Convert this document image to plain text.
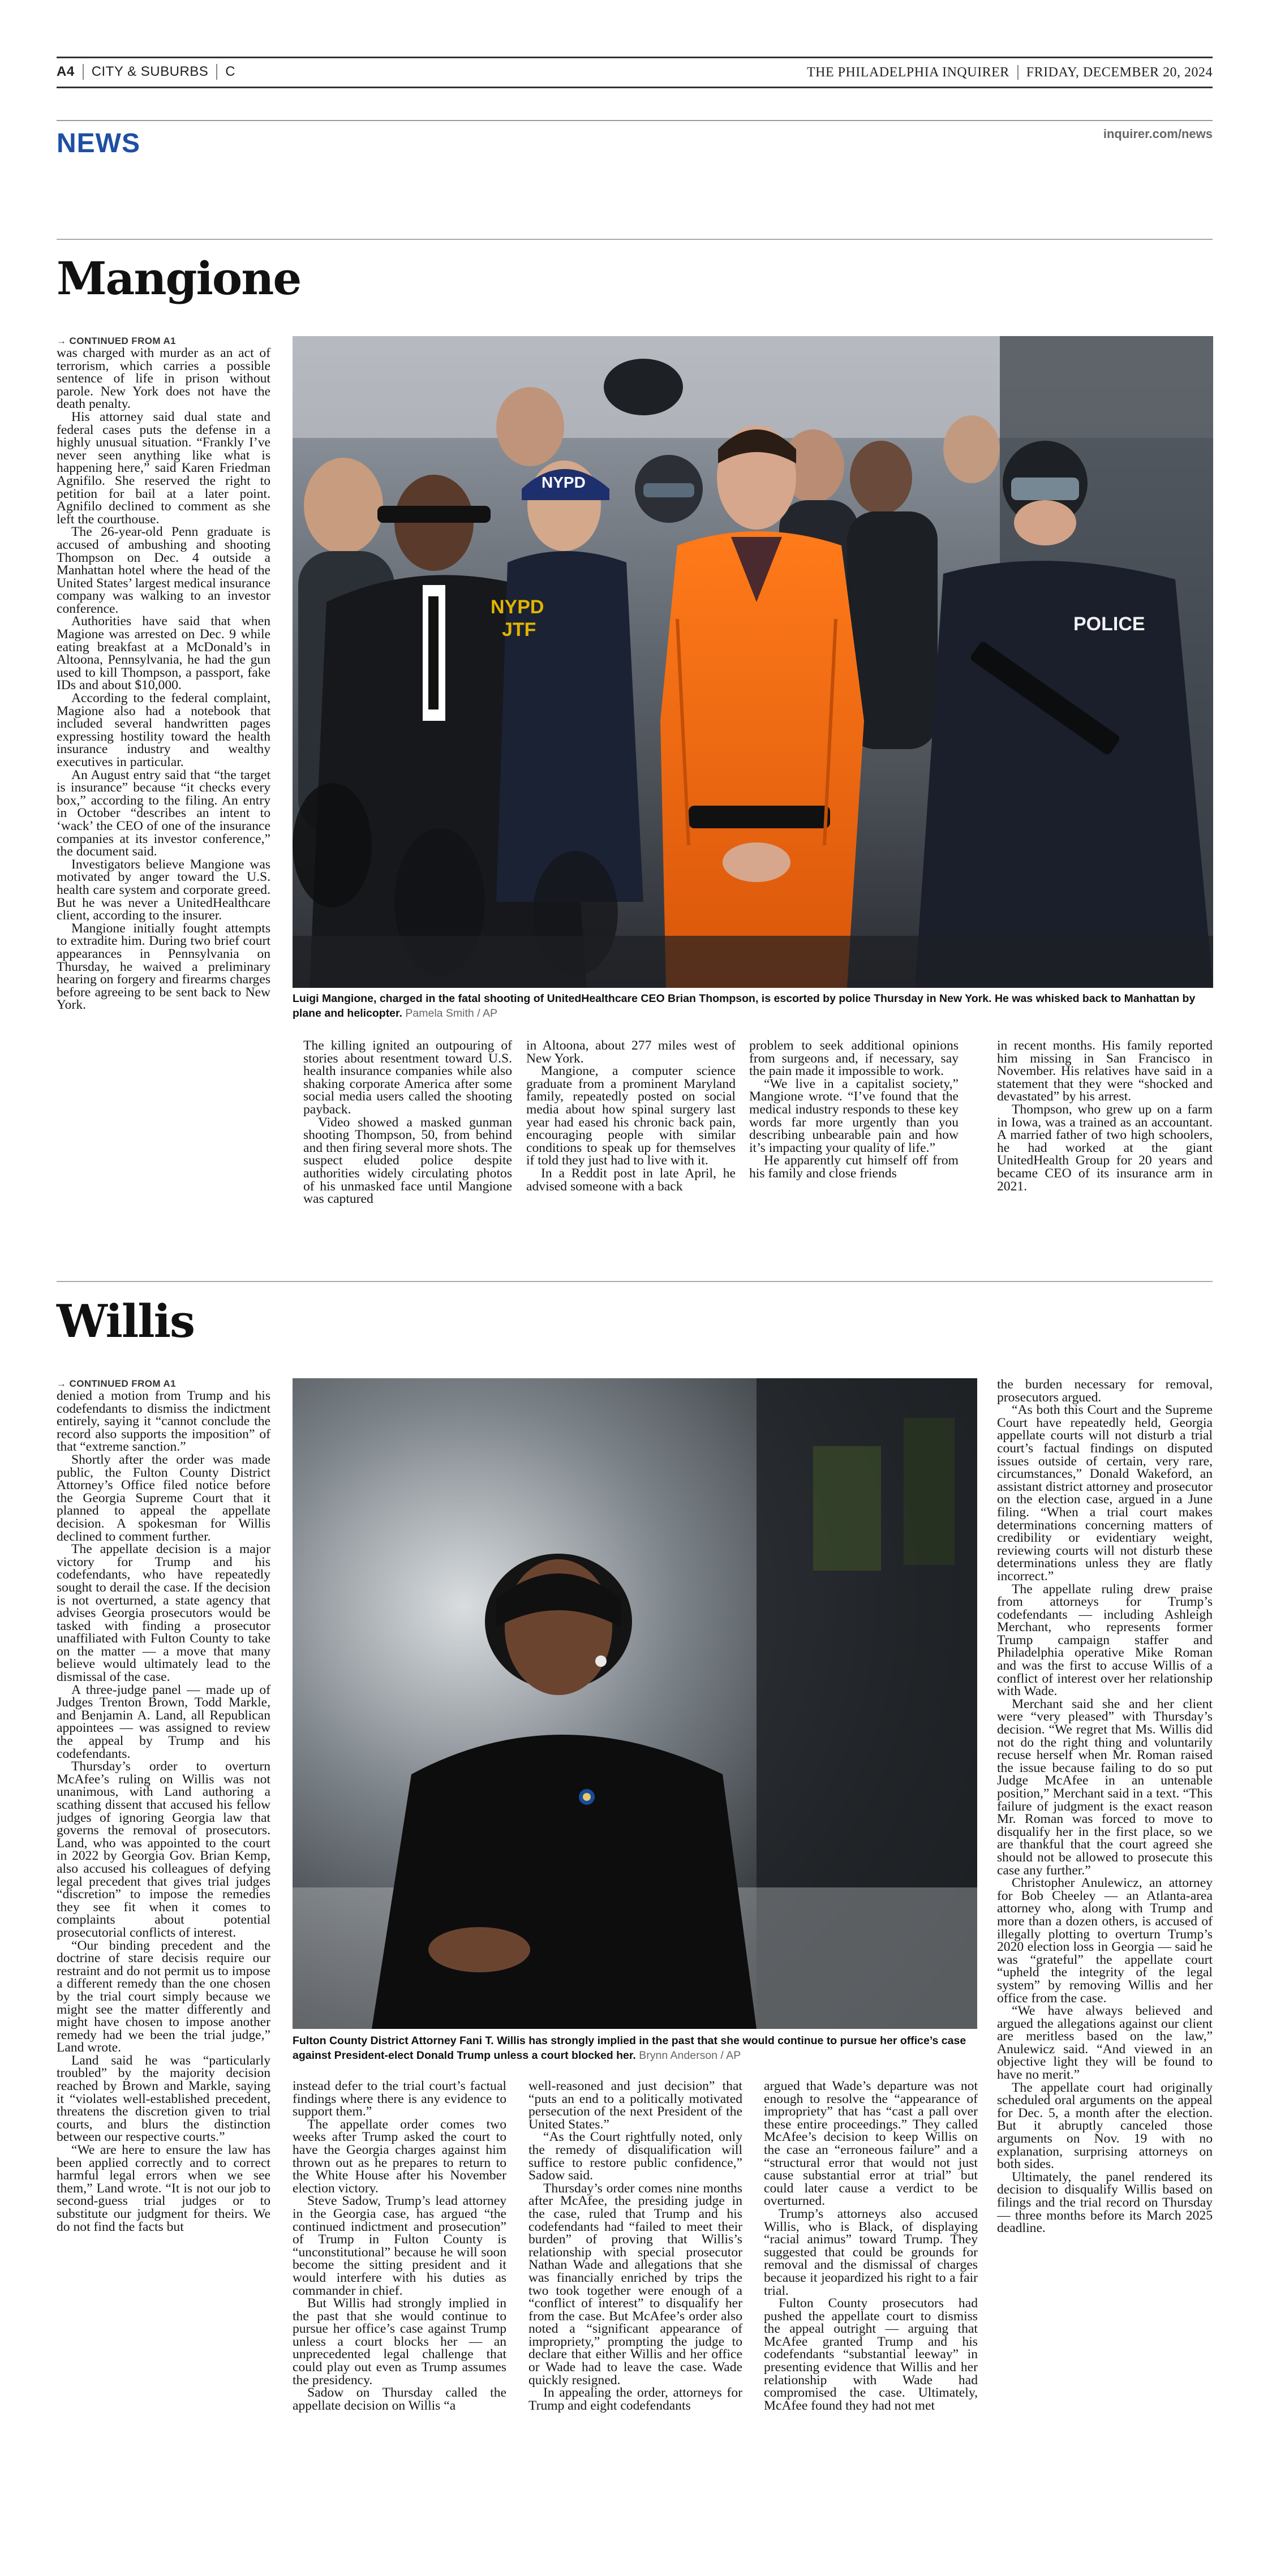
A4	CITY & SUBURBS	C	THE PHILADELPHIA INQUIRER FRIDAY, DECEMBER 20, 2024
NEWS	inquirer.com/news
Mangione
→ CONTINUED FROM A1

was charged with murder as an act of terrorism, which carries a possible sentence of life in prison without parole. New York does not have the death penalty.

His attorney said dual state and federal cases puts the defense in a highly unusual situation. “Frankly I’ve never seen anything like what is happening here,” said Karen Friedman Agnifilo. She reserved the right to petition for bail at a later point. Agnifilo declined to comment as she left the courthouse.

The 26-year-old Penn graduate is accused of ambushing and shooting Thompson on Dec. 4 outside a Manhattan hotel where the head of the United States’ largest medical insurance company was walking to an investor conference.

Authorities have said that when Magione was arrested on Dec. 9 while eating breakfast at a McDonald’s in Altoona, Pennsylvania, he had the gun used to kill Thompson, a passport, fake IDs and about $10,000.

According to the federal complaint, Magione also had a notebook that included several handwritten pages expressing hostility toward the health insurance industry and wealthy executives in particular.

An August entry said that “the target is insurance” because “it checks every box,” according to the filing. An entry in October “describes an intent to ‘wack’ the CEO of one of the insurance companies at its investor conference,” the document said.

Investigators believe Mangione was motivated by anger toward the U.S. health care system and corporate greed. But he was never a UnitedHealthcare client, according to the insurer.

Mangione initially fought attempts to extradite him. During two brief court appearances in Pennsylvania on Thursday, he waived a preliminary hearing on forgery and firearms charges before agreeing to be sent back to New York.

NYPD
NYPD
JTF	POLICE
Luigi Mangione, charged in the fatal shooting of UnitedHealthcare CEO Brian Thompson, is escorted by police Thursday in New York. He was whisked back to Manhattan by plane and helicopter. Pamela Smith / AP

The killing ignited an outpouring of stories about resentment toward U.S. health insurance companies while also shaking corporate America after some social media users called the shooting payback.

Video showed a masked gunman shooting Thompson, 50, from behind and then firing several more shots. The suspect eluded police despite authorities widely circulating photos of his unmasked face until Mangione was captured

in Altoona, about 277 miles west of New York.

Mangione, a computer science graduate from a prominent Maryland family, repeatedly posted on social media about how spinal surgery last year had eased his chronic back pain, encouraging people with similar conditions to speak up for themselves if told they just had to live with it.

In a Reddit post in late April, he advised someone with a back

problem to seek additional opinions from surgeons and, if necessary, say the pain made it impossible to work.

“We live in a capitalist society,” Mangione wrote. “I’ve found that the medical industry responds to these key words far more urgently than you describing unbearable pain and how it’s impacting your quality of life.”

He apparently cut himself off from his family and close friends

in recent months. His family reported him missing in San Francisco in November. His relatives have said in a statement that they were “shocked and devastated” by his arrest.

Thompson, who grew up on a farm in Iowa, was a trained as an accountant. A married father of two high schoolers, he had worked at the giant UnitedHealth Group for 20 years and became CEO of its insurance arm in 2021.

Willis
→ CONTINUED FROM A1

denied a motion from Trump and his codefendants to dismiss the indictment entirely, saying it “cannot conclude the record also supports the imposition” of that “extreme sanction.”

Shortly after the order was made public, the Fulton County District Attorney’s Office filed notice before the Georgia Supreme Court that it planned to appeal the appellate decision. A spokesman for Willis declined to comment further.

The appellate decision is a major victory for Trump and his codefendants, who have repeatedly sought to derail the case. If the decision is not overturned, a state agency that advises Georgia prosecutors would be tasked with finding a prosecutor unaffiliated with Fulton County to take on the matter — a move that many believe would ultimately lead to the dismissal of the case.

A three-judge panel — made up of Judges Trenton Brown, Todd Markle, and Benjamin A. Land, all Republican appointees — was assigned to review the appeal by Trump and his codefendants.

Thursday’s order to overturn McAfee’s ruling on Willis was not unanimous, with Land authoring a scathing dissent that accused his fellow judges of ignoring Georgia law that governs the removal of prosecutors. Land, who was appointed to the court in 2022 by Georgia Gov. Brian Kemp, also accused his colleagues of defying legal precedent that gives trial judges “discretion” to impose the remedies they see fit when it comes to complaints about potential prosecutorial conflicts of interest.

“Our binding precedent and the doctrine of stare decisis require our restraint and do not permit us to impose a different remedy than the one chosen by the trial court simply because we might see the matter differently and might have chosen to impose another remedy had we been the trial judge,” Land wrote.

Land said he was “particularly troubled” by the majority decision reached by Brown and Markle, saying it “violates well-established precedent, threatens the discretion given to trial courts, and blurs the distinction between our respective courts.”

“We are here to ensure the law has been applied correctly and to correct harmful legal errors when we see them,” Land wrote. “It is not our job to second-guess trial judges or to substitute our judgment for theirs. We do not find the facts but

Fulton County District Attorney Fani T. Willis has strongly implied in the past that she would continue to pursue her office’s case against President-elect Donald Trump unless a court blocked her. Brynn Anderson / AP

instead defer to the trial court’s factual findings where there is any evidence to support them.”

The appellate order comes two weeks after Trump asked the court to have the Georgia charges against him thrown out as he prepares to return to the White House after his November election victory.

Steve Sadow, Trump’s lead attorney in the Georgia case, has argued “the continued indictment and prosecution” of Trump in Fulton County is “unconstitutional” because he will soon become the sitting president and it would interfere with his duties as commander in chief.

But Willis had strongly implied in the past that she would continue to pursue her office’s case against Trump unless a court blocks her — an unprecedented legal challenge that could play out even as Trump assumes the presidency.

Sadow on Thursday called the appellate decision on Willis “a

well-reasoned and just decision” that “puts an end to a politically motivated persecution of the next President of the United States.”

“As the Court rightfully noted, only the remedy of disqualification will suffice to restore public confidence,” Sadow said.

Thursday’s order comes nine months after McAfee, the presiding judge in the case, ruled that Trump and his codefendants had “failed to meet their burden” of proving that Willis’s relationship with special prosecutor Nathan Wade and allegations that she was financially enriched by trips the two took together were enough of a “conflict of interest” to disqualify her from the case. But McAfee’s order also noted a “significant appearance of impropriety,” prompting the judge to declare that either Willis and her office or Wade had to leave the case. Wade quickly resigned.

In appealing the order, attorneys for Trump and eight codefendants

argued that Wade’s departure was not enough to resolve the “appearance of impropriety” that has “cast a pall over these entire proceedings.” They called McAfee’s decision to keep Willis on the case an “erroneous failure” and a “structural error that would not just cause substantial error at trial” but could later cause a verdict to be overturned.

Trump’s attorneys also accused Willis, who is Black, of displaying “racial animus” toward Trump. They suggested that could be grounds for removal and the dismissal of charges because it jeopardized his right to a fair trial.

Fulton County prosecutors had pushed the appellate court to dismiss the appeal outright — arguing that McAfee granted Trump and his codefendants “substantial leeway” in presenting evidence that Willis and her relationship with Wade had compromised the case. Ultimately, McAfee found they had not met

the burden necessary for removal, prosecutors argued.

“As both this Court and the Supreme Court have repeatedly held, Georgia appellate courts will not disturb a trial court’s factual findings on disputed issues outside of certain, very rare, circumstances,” Donald Wakeford, an assistant district attorney and prosecutor on the election case, argued in a June filing. “When a trial court makes determinations concerning matters of credibility or evidentiary weight, reviewing courts will not disturb these determinations unless they are flatly incorrect.”

The appellate ruling drew praise from attorneys for Trump’s codefendants — including Ashleigh Merchant, who represents former Trump campaign staffer and Philadelphia operative Mike Roman and was the first to accuse Willis of a conflict of interest over her relationship with Wade.

Merchant said she and her client were “very pleased” with Thursday’s decision. “We regret that Ms. Willis did not do the right thing and voluntarily recuse herself when Mr. Roman raised the issue because failing to do so put Judge McAfee in an untenable position,” Merchant said in a text. “This failure of judgment is the exact reason Mr. Roman was forced to move to disqualify her in the first place, so we are thankful that the court agreed she should not be allowed to prosecute this case any further.”

Christopher Anulewicz, an attorney for Bob Cheeley — an Atlanta-area attorney who, along with Trump and more than a dozen others, is accused of illegally plotting to overturn Trump’s 2020 election loss in Georgia — said he was “grateful” the appellate court “upheld the integrity of the legal system” by removing Willis and her office from the case.

“We have always believed and argued the allegations against our client are meritless based on the law,” Anulewicz said. “And viewed in an objective light they will be found to have no merit.”

The appellate court had originally scheduled oral arguments on the appeal for Dec. 5, a month after the election. But it abruptly canceled those arguments on Nov. 19 with no explanation, surprising attorneys on both sides.

Ultimately, the panel rendered its decision to disqualify Willis based on filings and the trial record on Thursday — three months before its March 2025 deadline.
